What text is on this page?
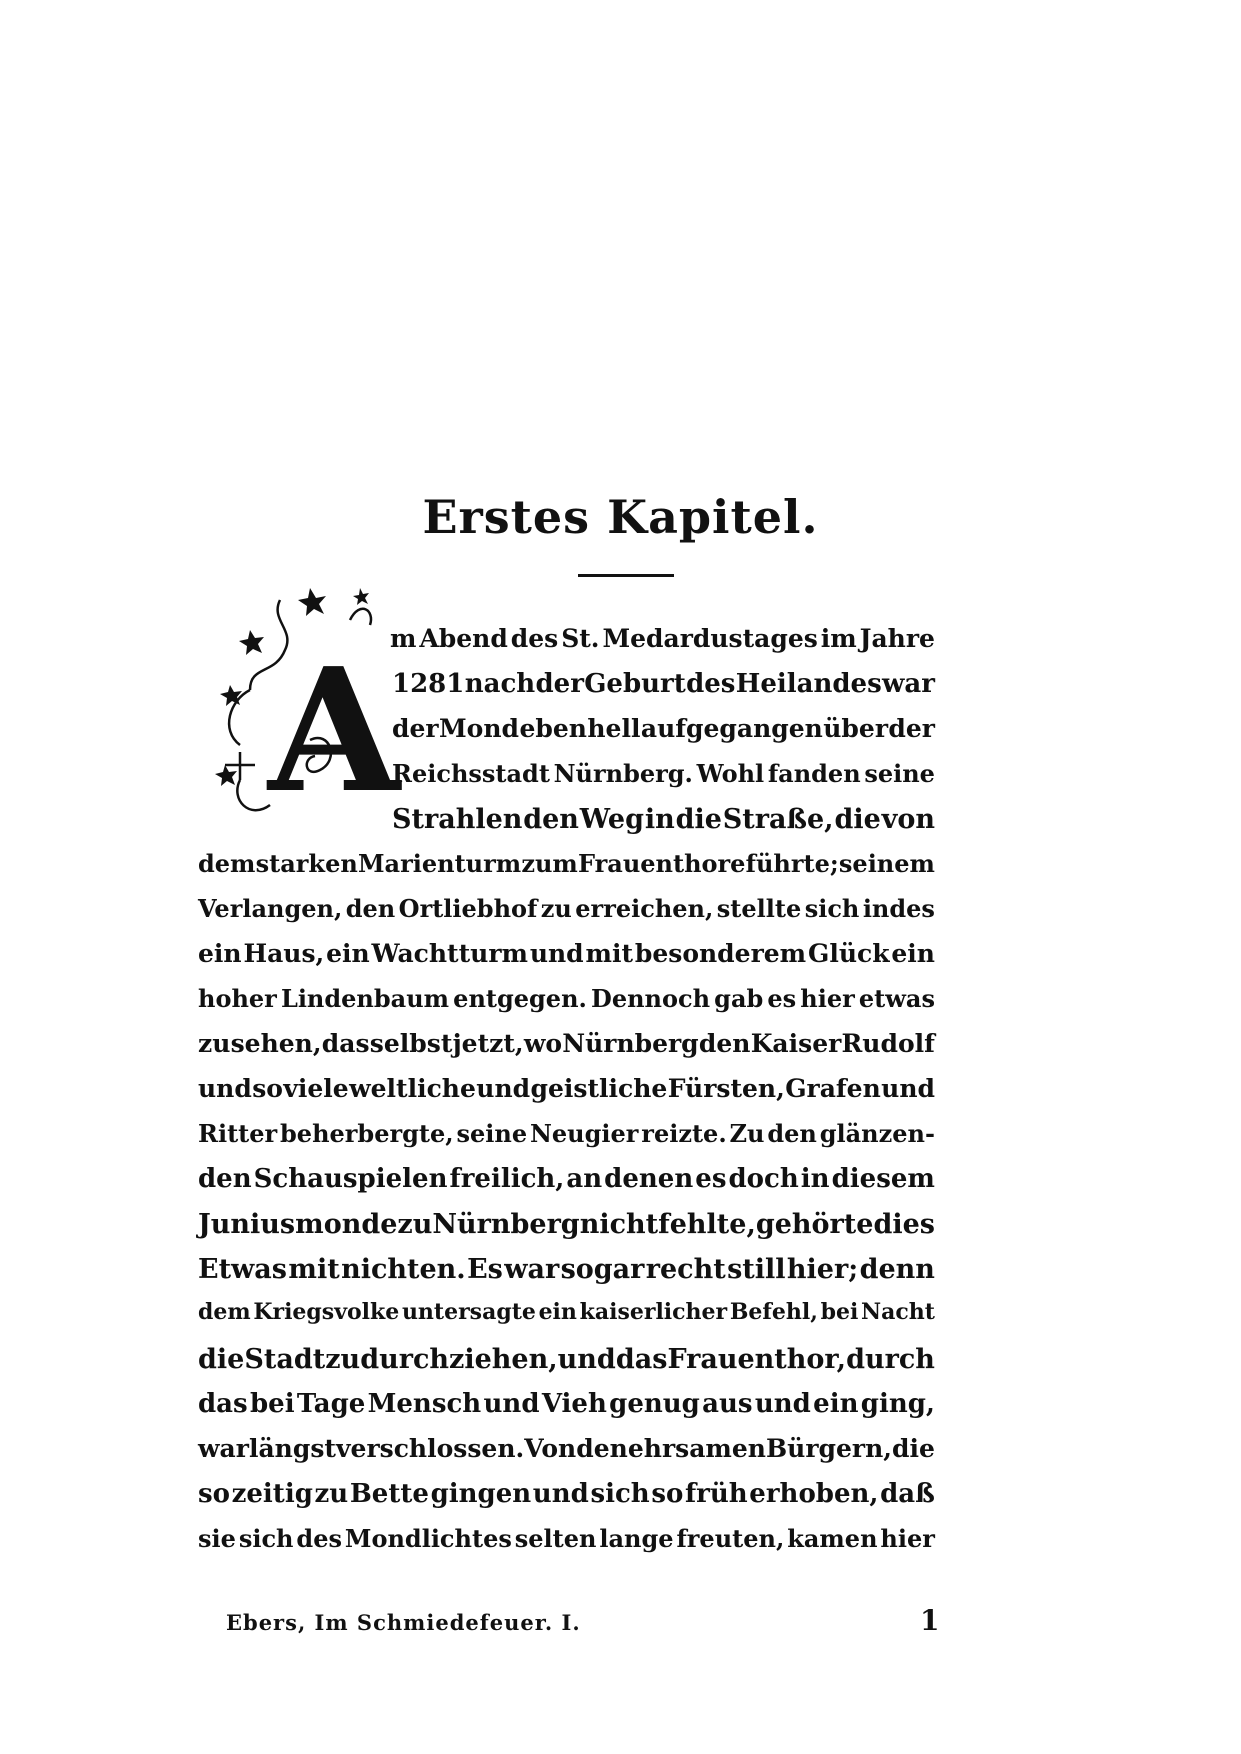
Erstes Kapitel.
A
m Abend des St. Medardustages im Jahre
1281 nach der Geburt des Heilandes war
der Mond eben hell aufgegangen über der
Reichsstadt Nürnberg. Wohl fanden seine
Strahlen den Weg in die Straße, die von
dem starken Marienturm zum Frauenthore führte; seinem
Verlangen, den Ortliebhof zu erreichen, stellte sich indes
ein Haus, ein Wachtturm und mit besonderem Glück ein
hoher Lindenbaum entgegen. Dennoch gab es hier etwas
zu sehen, das selbst jetzt, wo Nürnberg den Kaiser Rudolf
und so viele weltliche und geistliche Fürsten, Grafen und
Ritter beherbergte, seine Neugier reizte. Zu den glänzen-
den Schauspielen freilich, an denen es doch in diesem
Juniusmonde zu Nürnberg nicht fehlte, gehörte dies
Etwas mit nichten. Es war sogar recht still hier; denn
dem Kriegsvolke untersagte ein kaiserlicher Befehl, bei Nacht
die Stadt zu durchziehen, und das Frauenthor, durch
das bei Tage Mensch und Vieh genug aus und ein ging,
war längst verschlossen. Von den ehrsamen Bürgern, die
so zeitig zu Bette gingen und sich so früh erhoben, daß
sie sich des Mondlichtes selten lange freuten, kamen hier
Ebers, Im Schmiedefeuer. I.	1
